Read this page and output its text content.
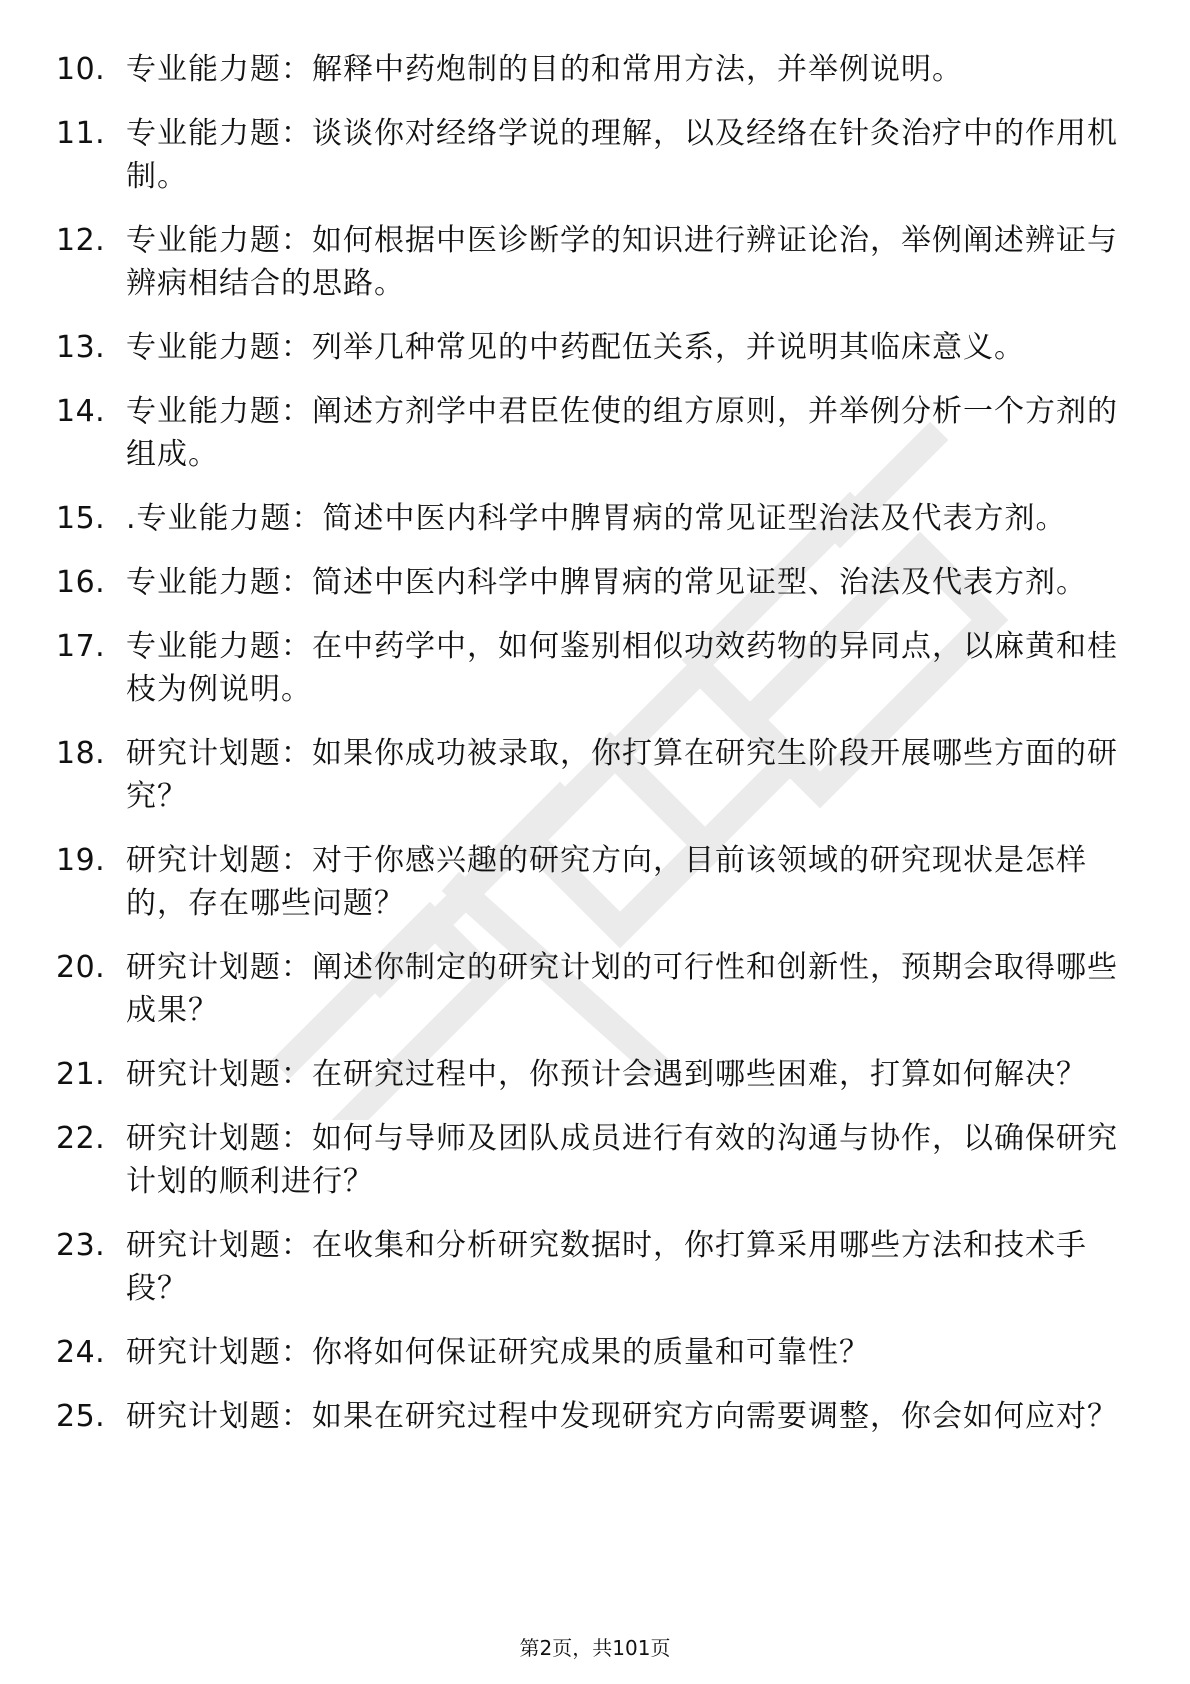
10. 专业能力题：解释中药炮制的目的和常用方法，并举例说明。
11. 专业能力题：谈谈你对经络学说的理解，以及经络在针灸治疗中的作用机制。
12. 专业能力题：如何根据中医诊断学的知识进行辨证论治，举例阐述辨证与辨病相结合的思路。
13. 专业能力题：列举几种常见的中药配伍关系，并说明其临床意义。
14. 专业能力题：阐述方剂学中君臣佐使的组方原则，并举例分析一个方剂的组成。
15. .专业能力题：简述中医内科学中脾胃病的常见证型治法及代表方剂。
16. 专业能力题：简述中医内科学中脾胃病的常见证型、治法及代表方剂。
17. 专业能力题：在中药学中，如何鉴别相似功效药物的异同点，以麻黄和桂枝为例说明。
18. 研究计划题：如果你成功被录取，你打算在研究生阶段开展哪些方面的研究？
19. 研究计划题：对于你感兴趣的研究方向，目前该领域的研究现状是怎样的，存在哪些问题？
20. 研究计划题：阐述你制定的研究计划的可行性和创新性，预期会取得哪些成果？
21. 研究计划题：在研究过程中，你预计会遇到哪些困难，打算如何解决？
22. 研究计划题：如何与导师及团队成员进行有效的沟通与协作，以确保研究计划的顺利进行？
23. 研究计划题：在收集和分析研究数据时，你打算采用哪些方法和技术手段？
24. 研究计划题：你将如何保证研究成果的质量和可靠性？
25. 研究计划题：如果在研究过程中发现研究方向需要调整，你会如何应对？
第2页，共101页
